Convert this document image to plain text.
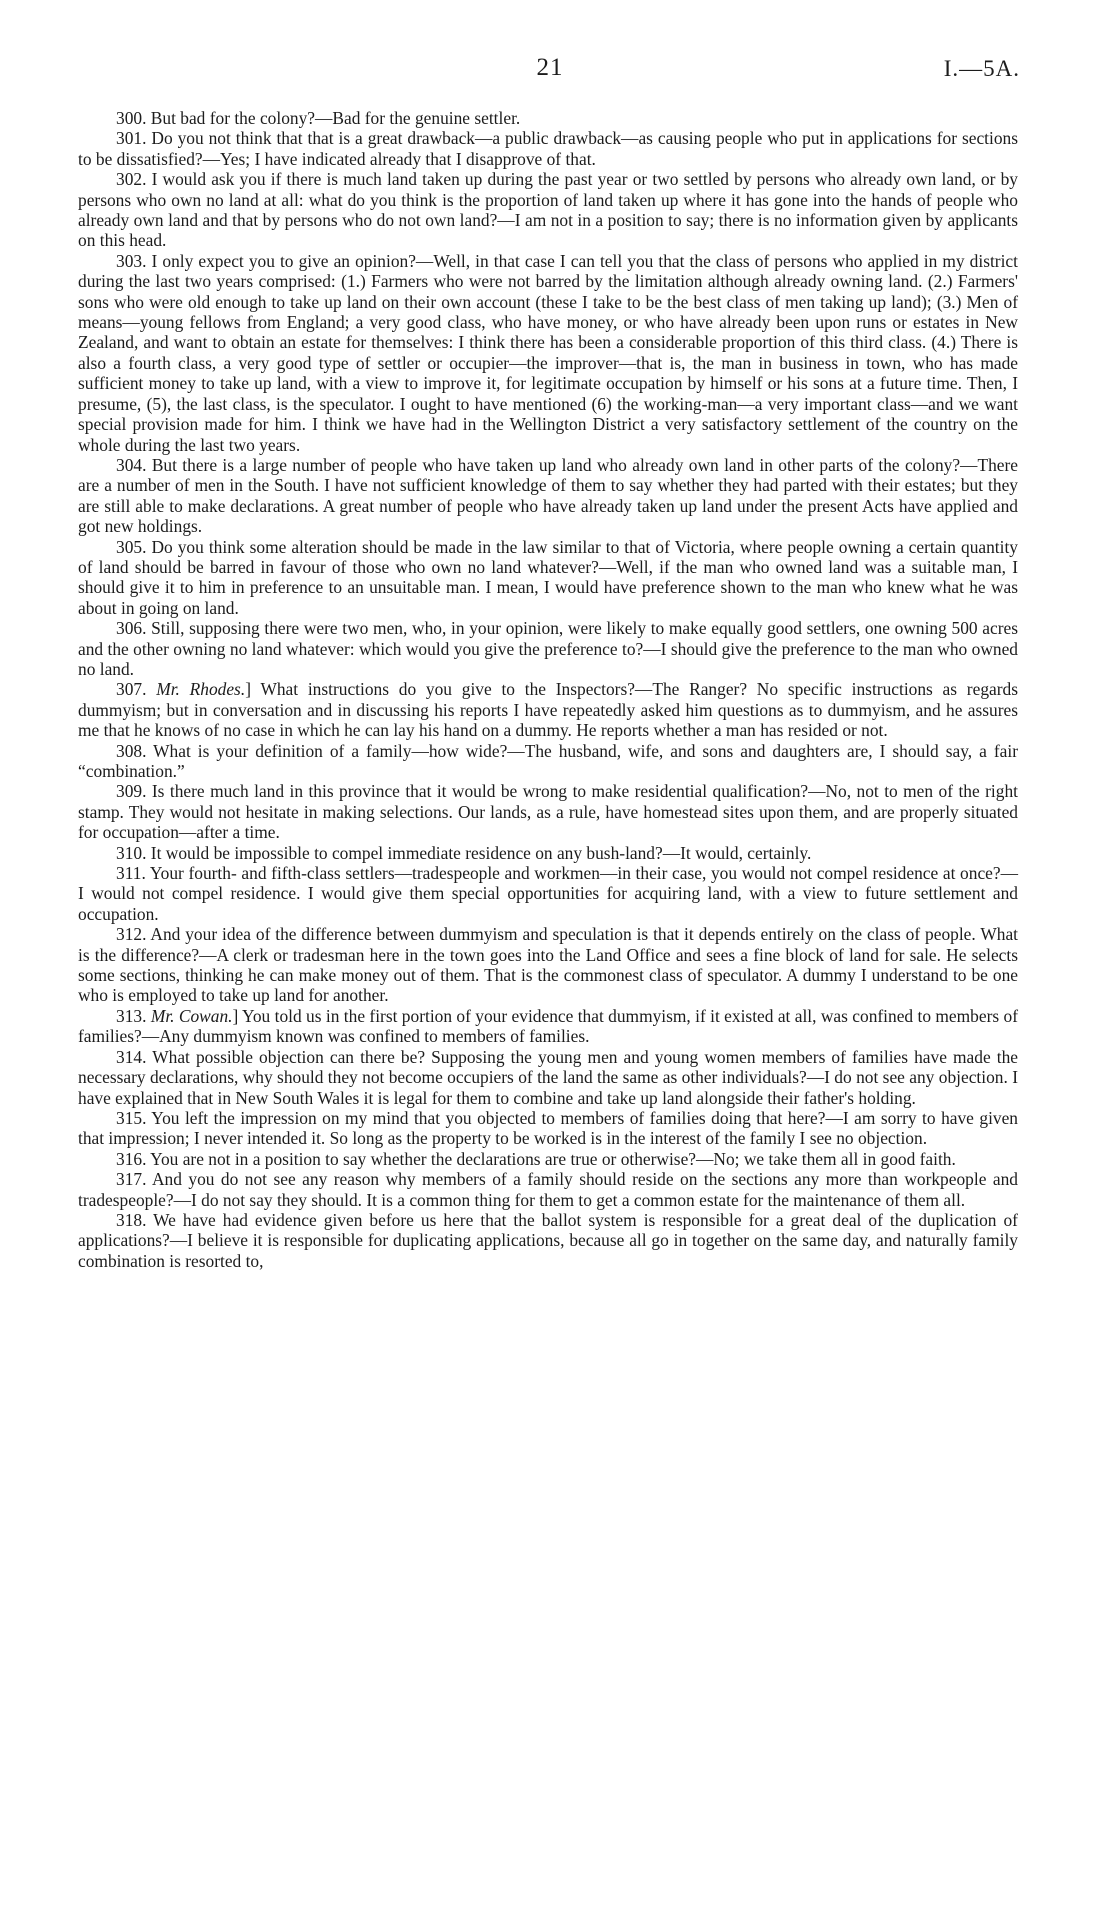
21	I.—5A.

300. But bad for the colony?—Bad for the genuine settler.

301. Do you not think that that is a great drawback—a public drawback—as causing people who put in applications for sections to be dissatisfied?—Yes; I have indicated already that I disapprove of that.

302. I would ask you if there is much land taken up during the past year or two settled by persons who already own land, or by persons who own no land at all: what do you think is the proportion of land taken up where it has gone into the hands of people who already own land and that by persons who do not own land?—I am not in a position to say; there is no information given by applicants on this head.

303. I only expect you to give an opinion?—Well, in that case I can tell you that the class of persons who applied in my district during the last two years comprised: (1.) Farmers who were not barred by the limitation although already owning land. (2.) Farmers' sons who were old enough to take up land on their own account (these I take to be the best class of men taking up land); (3.) Men of means—young fellows from England; a very good class, who have money, or who have already been upon runs or estates in New Zealand, and want to obtain an estate for themselves: I think there has been a considerable proportion of this third class. (4.) There is also a fourth class, a very good type of settler or occupier—the improver—that is, the man in business in town, who has made sufficient money to take up land, with a view to improve it, for legitimate occupation by himself or his sons at a future time. Then, I presume, (5), the last class, is the speculator. I ought to have mentioned (6) the working-man—a very important class—and we want special provision made for him. I think we have had in the Wellington District a very satisfactory settlement of the country on the whole during the last two years.

304. But there is a large number of people who have taken up land who already own land in other parts of the colony?—There are a number of men in the South. I have not sufficient knowledge of them to say whether they had parted with their estates; but they are still able to make declarations. A great number of people who have already taken up land under the present Acts have applied and got new holdings.

305. Do you think some alteration should be made in the law similar to that of Victoria, where people owning a certain quantity of land should be barred in favour of those who own no land whatever?—Well, if the man who owned land was a suitable man, I should give it to him in preference to an unsuitable man. I mean, I would have preference shown to the man who knew what he was about in going on land.

306. Still, supposing there were two men, who, in your opinion, were likely to make equally good settlers, one owning 500 acres and the other owning no land whatever: which would you give the preference to?—I should give the preference to the man who owned no land.

307. Mr. Rhodes.] What instructions do you give to the Inspectors?—The Ranger? No specific instructions as regards dummyism; but in conversation and in discussing his reports I have repeatedly asked him questions as to dummyism, and he assures me that he knows of no case in which he can lay his hand on a dummy. He reports whether a man has resided or not.

308. What is your definition of a family—how wide?—The husband, wife, and sons and daughters are, I should say, a fair “combination.”

309. Is there much land in this province that it would be wrong to make residential qualification?—No, not to men of the right stamp. They would not hesitate in making selections. Our lands, as a rule, have homestead sites upon them, and are properly situated for occupation—after a time.

310. It would be impossible to compel immediate residence on any bush-land?—It would, certainly.

311. Your fourth- and fifth-class settlers—tradespeople and workmen—in their case, you would not compel residence at once?—I would not compel residence. I would give them special opportunities for acquiring land, with a view to future settlement and occupation.

312. And your idea of the difference between dummyism and speculation is that it depends entirely on the class of people. What is the difference?—A clerk or tradesman here in the town goes into the Land Office and sees a fine block of land for sale. He selects some sections, thinking he can make money out of them. That is the commonest class of speculator. A dummy I understand to be one who is employed to take up land for another.

313. Mr. Cowan.] You told us in the first portion of your evidence that dummyism, if it existed at all, was confined to members of families?—Any dummyism known was confined to members of families.

314. What possible objection can there be? Supposing the young men and young women members of families have made the necessary declarations, why should they not become occupiers of the land the same as other individuals?—I do not see any objection. I have explained that in New South Wales it is legal for them to combine and take up land alongside their father's holding.

315. You left the impression on my mind that you objected to members of families doing that here?—I am sorry to have given that impression; I never intended it. So long as the property to be worked is in the interest of the family I see no objection.

316. You are not in a position to say whether the declarations are true or otherwise?—No; we take them all in good faith.

317. And you do not see any reason why members of a family should reside on the sections any more than workpeople and tradespeople?—I do not say they should. It is a common thing for them to get a common estate for the maintenance of them all.

318. We have had evidence given before us here that the ballot system is responsible for a great deal of the duplication of applications?—I believe it is responsible for duplicating applications, because all go in together on the same day, and naturally family combination is resorted to,
